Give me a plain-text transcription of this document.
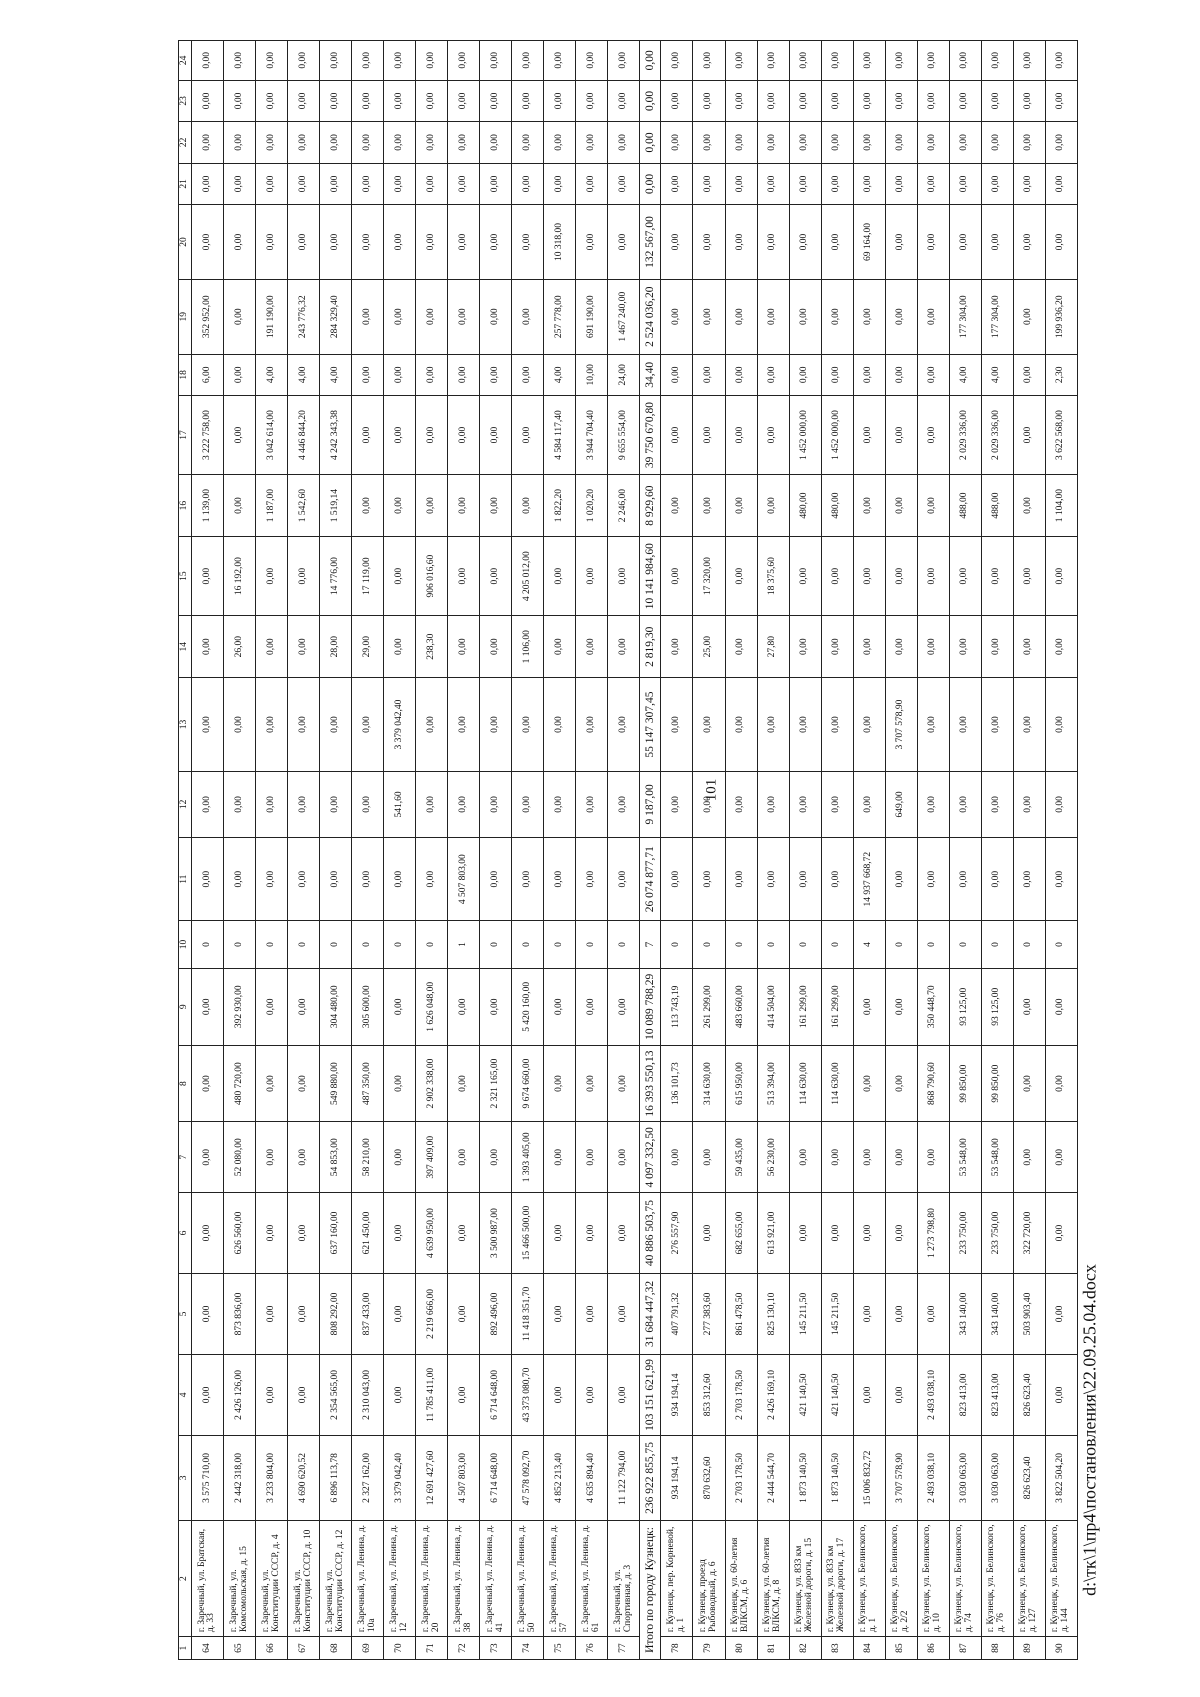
101
1	2	3	4	5	6	7	8	9	10	11	12	13	14	15	16	17	18	19	20	21	22	23	24
64	г. Заречный, ул. Братская, д. 33	3 575 710,00	0,00	0,00	0,00	0,00	0,00	0,00	0	0,00	0,00	0,00	0,00	0,00	1 139,00	3 222 758,00	6,00	352 952,00	0,00	0,00	0,00	0,00	0,00
65	г. Заречный, ул. Комсомольская, д. 15	2 442 318,00	2 426 126,00	873 836,00	626 560,00	52 080,00	480 720,00	392 930,00	0	0,00	0,00	0,00	26,00	16 192,00	0,00	0,00	0,00	0,00	0,00	0,00	0,00	0,00	0,00
66	г. Заречный, ул. Конституции СССР, д. 4	3 233 804,00	0,00	0,00	0,00	0,00	0,00	0,00	0	0,00	0,00	0,00	0,00	0,00	1 187,00	3 042 614,00	4,00	191 190,00	0,00	0,00	0,00	0,00	0,00
67	г. Заречный, ул. Конституции СССР, д. 10	4 690 620,52	0,00	0,00	0,00	0,00	0,00	0,00	0	0,00	0,00	0,00	0,00	0,00	1 542,60	4 446 844,20	4,00	243 776,32	0,00	0,00	0,00	0,00	0,00
68	г. Заречный, ул. Конституции СССР, д. 12	6 896 113,78	2 354 565,00	808 292,00	637 160,00	54 853,00	549 880,00	304 480,00	0	0,00	0,00	0,00	28,00	14 776,00	1 519,14	4 242 343,38	4,00	284 329,40	0,00	0,00	0,00	0,00	0,00
69	г. Заречный, ул. Ленина, д. 10а	2 327 162,00	2 310 043,00	837 433,00	621 450,00	58 210,00	487 350,00	305 600,00	0	0,00	0,00	0,00	29,00	17 119,00	0,00	0,00	0,00	0,00	0,00	0,00	0,00	0,00	0,00
70	г. Заречный, ул. Ленина, д. 12	3 379 042,40	0,00	0,00	0,00	0,00	0,00	0,00	0	0,00	541,60	3 379 042,40	0,00	0,00	0,00	0,00	0,00	0,00	0,00	0,00	0,00	0,00	0,00
71	г. Заречный, ул. Ленина, д. 20	12 691 427,60	11 785 411,00	2 219 666,00	4 639 950,00	397 409,00	2 902 338,00	1 626 048,00	0	0,00	0,00	0,00	238,30	906 016,60	0,00	0,00	0,00	0,00	0,00	0,00	0,00	0,00	0,00
72	г. Заречный, ул. Ленина, д. 38	4 507 803,00	0,00	0,00	0,00	0,00	0,00	0,00	1	4 507 803,00	0,00	0,00	0,00	0,00	0,00	0,00	0,00	0,00	0,00	0,00	0,00	0,00	0,00
73	г. Заречный, ул. Ленина, д. 41	6 714 648,00	6 714 648,00	892 496,00	3 500 987,00	0,00	2 321 165,00	0,00	0	0,00	0,00	0,00	0,00	0,00	0,00	0,00	0,00	0,00	0,00	0,00	0,00	0,00	0,00
74	г. Заречный, ул. Ленина, д. 50	47 578 092,70	43 373 080,70	11 418 351,70	15 466 500,00	1 393 405,00	9 674 660,00	5 420 160,00	0	0,00	0,00	0,00	1 106,00	4 205 012,00	0,00	0,00	0,00	0,00	0,00	0,00	0,00	0,00	0,00
75	г. Заречный, ул. Ленина, д. 57	4 852 213,40	0,00	0,00	0,00	0,00	0,00	0,00	0	0,00	0,00	0,00	0,00	0,00	1 822,20	4 584 117,40	4,00	257 778,00	10 318,00	0,00	0,00	0,00	0,00
76	г. Заречный, ул. Ленина, д. 61	4 635 894,40	0,00	0,00	0,00	0,00	0,00	0,00	0	0,00	0,00	0,00	0,00	0,00	1 020,20	3 944 704,40	10,00	691 190,00	0,00	0,00	0,00	0,00	0,00
77	г. Заречный, ул. Спортивная, д. 3	11 122 794,00	0,00	0,00	0,00	0,00	0,00	0,00	0	0,00	0,00	0,00	0,00	0,00	2 246,00	9 655 554,00	24,00	1 467 240,00	0,00	0,00	0,00	0,00	0,00
Итого по городу Кузнецк:		236 922 855,75	103 151 621,99	31 684 447,32	40 886 503,75	4 097 332,50	16 393 550,13	10 089 788,29	7	26 074 877,71	9 187,00	55 147 307,45	2 819,30	10 141 984,60	8 929,60	39 750 670,80	34,40	2 524 036,20	132 567,00	0,00	0,00	0,00	0,00
78	г. Кузнецк, пер. Корневой, д. 1	934 194,14	934 194,14	407 791,32	276 557,90	0,00	136 101,73	113 743,19	0	0,00	0,00	0,00	0,00	0,00	0,00	0,00	0,00	0,00	0,00	0,00	0,00	0,00	0,00
79	г. Кузнецк, проезд Рыбоводный, д. 6	870 632,60	853 312,60	277 383,60	0,00	0,00	314 630,00	261 299,00	0	0,00	0,00	0,00	25,00	17 320,00	0,00	0,00	0,00	0,00	0,00	0,00	0,00	0,00	0,00
80	г. Кузнецк, ул. 60-летия ВЛКСМ, д. 6	2 703 178,50	2 703 178,50	861 478,50	682 655,00	59 435,00	615 950,00	483 660,00	0	0,00	0,00	0,00	0,00	0,00	0,00	0,00	0,00	0,00	0,00	0,00	0,00	0,00	0,00
81	г. Кузнецк, ул. 60-летия ВЛКСМ, д. 8	2 444 544,70	2 426 169,10	825 130,10	613 921,00	56 230,00	513 394,00	414 504,00	0	0,00	0,00	0,00	27,80	18 375,60	0,00	0,00	0,00	0,00	0,00	0,00	0,00	0,00	0,00
82	г. Кузнецк, ул. 833 км Железной дороги, д. 15	1 873 140,50	421 140,50	145 211,50	0,00	0,00	114 630,00	161 299,00	0	0,00	0,00	0,00	0,00	0,00	480,00	1 452 000,00	0,00	0,00	0,00	0,00	0,00	0,00	0,00
83	г. Кузнецк, ул. 833 км Железной дороги, д. 17	1 873 140,50	421 140,50	145 211,50	0,00	0,00	114 630,00	161 299,00	0	0,00	0,00	0,00	0,00	0,00	480,00	1 452 000,00	0,00	0,00	0,00	0,00	0,00	0,00	0,00
84	г. Кузнецк, ул. Белинского, д. 1	15 006 832,72	0,00	0,00	0,00	0,00	0,00	0,00	4	14 937 668,72	0,00	0,00	0,00	0,00	0,00	0,00	0,00	0,00	69 164,00	0,00	0,00	0,00	0,00
85	г. Кузнецк, ул. Белинского, д. 2/2	3 707 578,90	0,00	0,00	0,00	0,00	0,00	0,00	0	0,00	649,00	3 707 578,90	0,00	0,00	0,00	0,00	0,00	0,00	0,00	0,00	0,00	0,00	0,00
86	г. Кузнецк, ул. Белинского, д. 10	2 493 038,10	2 493 038,10	0,00	1 273 798,80	0,00	868 790,60	350 448,70	0	0,00	0,00	0,00	0,00	0,00	0,00	0,00	0,00	0,00	0,00	0,00	0,00	0,00	0,00
87	г. Кузнецк, ул. Белинского, д. 74	3 030 063,00	823 413,00	343 140,00	233 750,00	53 548,00	99 850,00	93 125,00	0	0,00	0,00	0,00	0,00	0,00	488,00	2 029 336,00	4,00	177 304,00	0,00	0,00	0,00	0,00	0,00
88	г. Кузнецк, ул. Белинского, д. 76	3 030 063,00	823 413,00	343 140,00	233 750,00	53 548,00	99 850,00	93 125,00	0	0,00	0,00	0,00	0,00	0,00	488,00	2 029 336,00	4,00	177 304,00	0,00	0,00	0,00	0,00	0,00
89	г. Кузнецк, ул. Белинского, д. 127	826 623,40	826 623,40	503 903,40	322 720,00	0,00	0,00	0,00	0	0,00	0,00	0,00	0,00	0,00	0,00	0,00	0,00	0,00	0,00	0,00	0,00	0,00	0,00
90	г. Кузнецк, ул. Белинского, д. 144	3 822 504,20	0,00	0,00	0,00	0,00	0,00	0,00	0	0,00	0,00	0,00	0,00	0,00	1 104,00	3 622 568,00	2,30	199 936,20	0,00	0,00	0,00	0,00	0,00
d:\тк\1\пр4\постановления\22.09.25.04.docx
